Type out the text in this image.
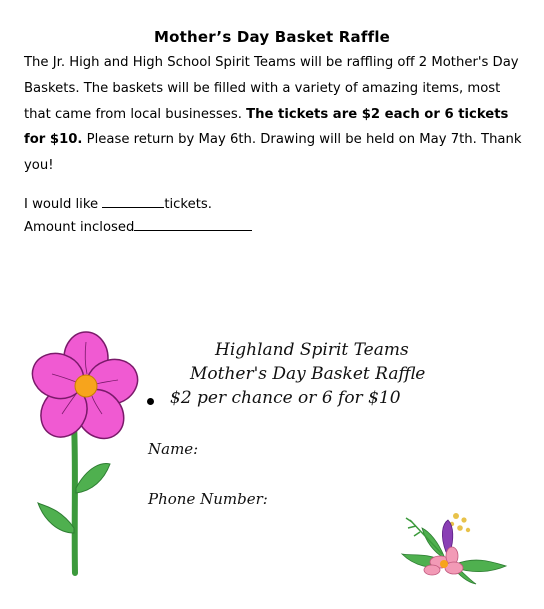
Mother’s Day Basket Raffle
The Jr. High and High School Spirit Teams will be raffling off 2 Mother's Day Baskets. The baskets will be filled with a variety of amazing items, most that came from local businesses. The tickets are $2 each or 6 tickets for $10. Please return by May 6th. Drawing will be held on May 7th. Thank you!
I would like	tickets.
Amount inclosed
Highland Spirit Teams
Mother's Day Basket Raffle
$2 per chance or 6 for $10
Name:
Phone Number:
